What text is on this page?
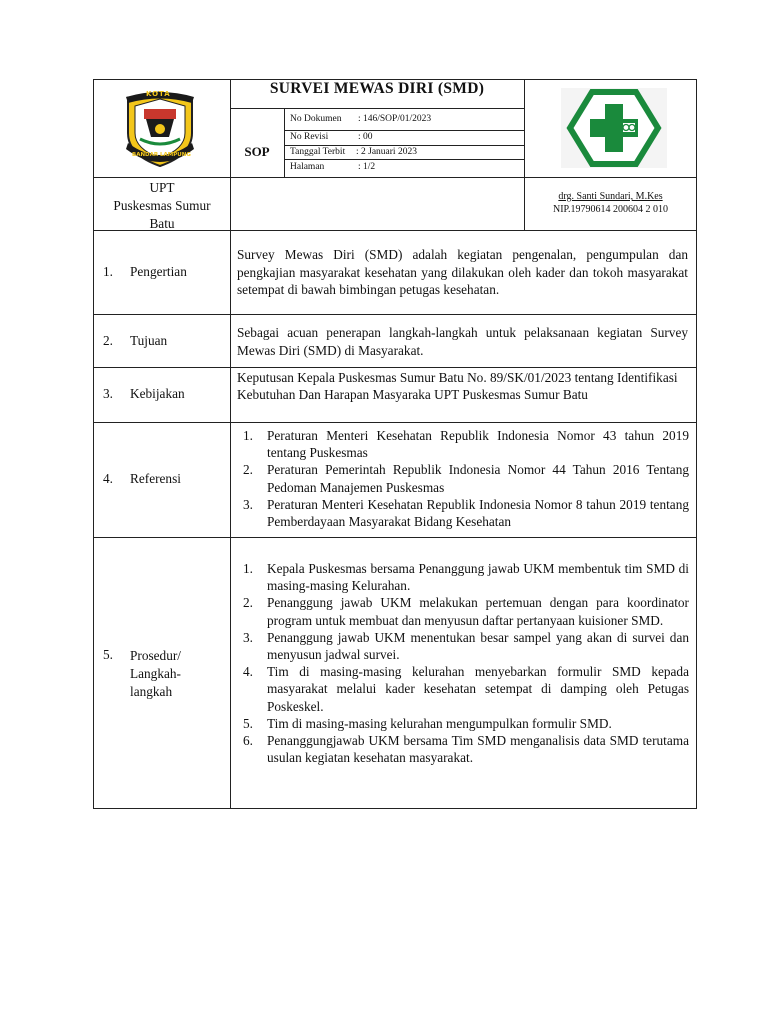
KOTA
BANDAR LAMPUNG
SURVEI MEWAS DIRI (SMD)
SOP
No Dokumen : 146/SOP/01/2023
No Revisi	: 00
Tanggal Terbit : 2 Januari 2023
Halaman	: 1/2
UPT
Puskesmas Sumur
Batu
drg. Santi Sundari, M.Kes
NIP.19790614 200604 2 010
1. Pengertian
Survey Mewas Diri (SMD) adalah kegiatan pengenalan, pengumpulan dan pengkajian masyarakat kesehatan yang dilakukan oleh kader dan tokoh masyarakat setempat di bawah bimbingan petugas kesehatan.
2. Tujuan
Sebagai acuan penerapan langkah-langkah untuk pelaksanaan kegiatan Survey Mewas Diri (SMD) di Masyarakat.
3. Kebijakan
Keputusan Kepala Puskesmas Sumur Batu No. 89/SK/01/2023 tentang Identifikasi Kebutuhan Dan Harapan Masyaraka UPT Puskesmas Sumur Batu
4. Referensi
1. Peraturan Menteri Kesehatan Republik Indonesia Nomor 43 tahun 2019 tentang Puskesmas
2. Peraturan Pemerintah Republik Indonesia Nomor 44 Tahun 2016 Tentang Pedoman Manajemen Puskesmas
3. Peraturan Menteri Kesehatan Republik Indonesia Nomor 8 tahun 2019 tentang Pemberdayaan Masyarakat Bidang Kesehatan
5. Prosedur/
Langkah-
langkah
1. Kepala Puskesmas bersama Penanggung jawab UKM membentuk tim SMD di masing-masing Kelurahan.
2. Penanggung jawab UKM melakukan pertemuan dengan para koordinator program untuk membuat dan menyusun daftar pertanyaan kuisioner SMD.
3. Penanggung jawab UKM menentukan besar sampel yang akan di survei dan menyusun jadwal survei.
4. Tim di masing-masing kelurahan menyebarkan formulir SMD kepada masyarakat melalui kader kesehatan setempat di damping oleh Petugas Poskeskel.
5. Tim di masing-masing kelurahan mengumpulkan formulir SMD.
6. Penanggungjawab UKM bersama Tim SMD menganalisis data SMD terutama usulan kegiatan kesehatan masyarakat.
